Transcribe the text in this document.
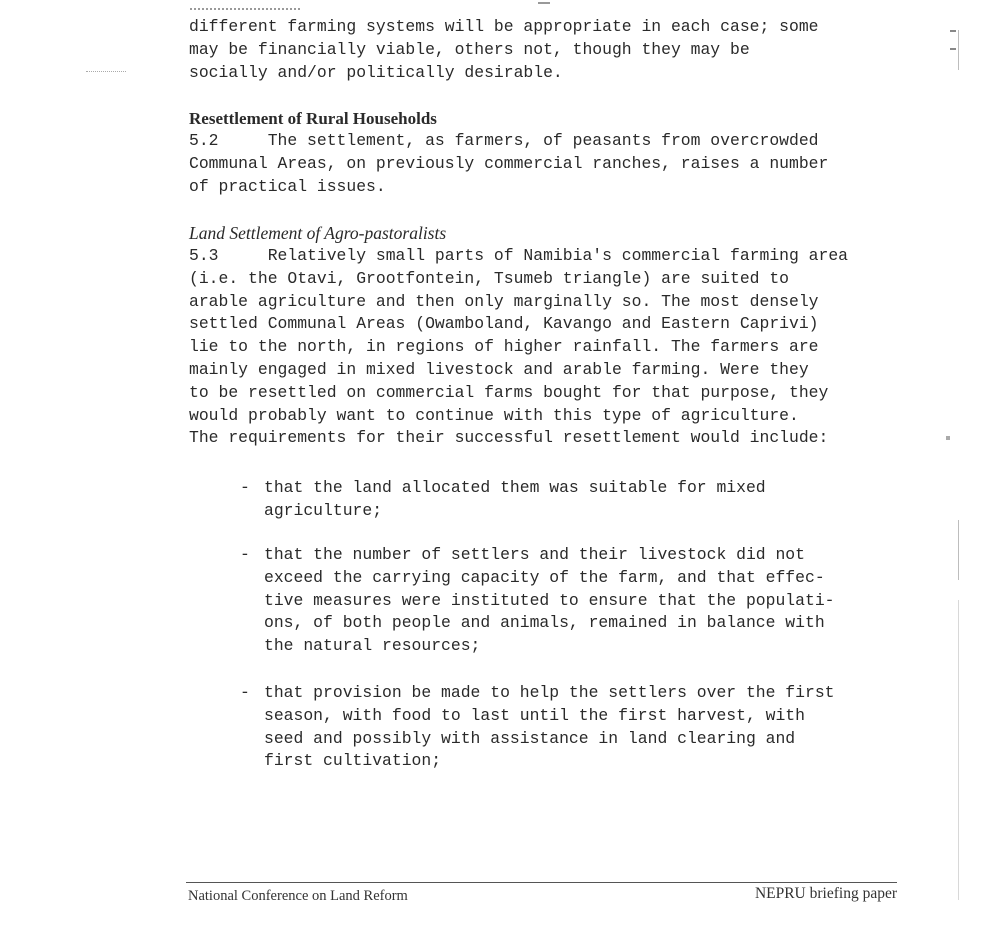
different farming systems will be appropriate in each case; some
may be financially viable, others not, though they may be
socially and/or politically desirable.
Resettlement of Rural Households
5.2     The settlement, as farmers, of peasants from overcrowded
Communal Areas, on previously commercial ranches, raises a number
of practical issues.
Land Settlement of Agro-pastoralists
5.3     Relatively small parts of Namibia's commercial farming area
(i.e. the Otavi, Grootfontein, Tsumeb triangle) are suited to
arable agriculture and then only marginally so. The most densely
settled Communal Areas (Owamboland, Kavango and Eastern Caprivi)
lie to the north, in regions of higher rainfall. The farmers are
mainly engaged in mixed livestock and arable farming. Were they
to be resettled on commercial farms bought for that purpose, they
would probably want to continue with this type of agriculture.
The requirements for their successful resettlement would include:
- that the land allocated them was suitable for mixed
agriculture;
- that the number of settlers and their livestock did not
exceed the carrying capacity of the farm, and that effec-
tive measures were instituted to ensure that the populati-
ons, of both people and animals, remained in balance with
the natural resources;
- that provision be made to help the settlers over the first
season, with food to last until the first harvest, with
seed and possibly with assistance in land clearing and
first cultivation;
National Conference on Land Reform	NEPRU briefing paper
